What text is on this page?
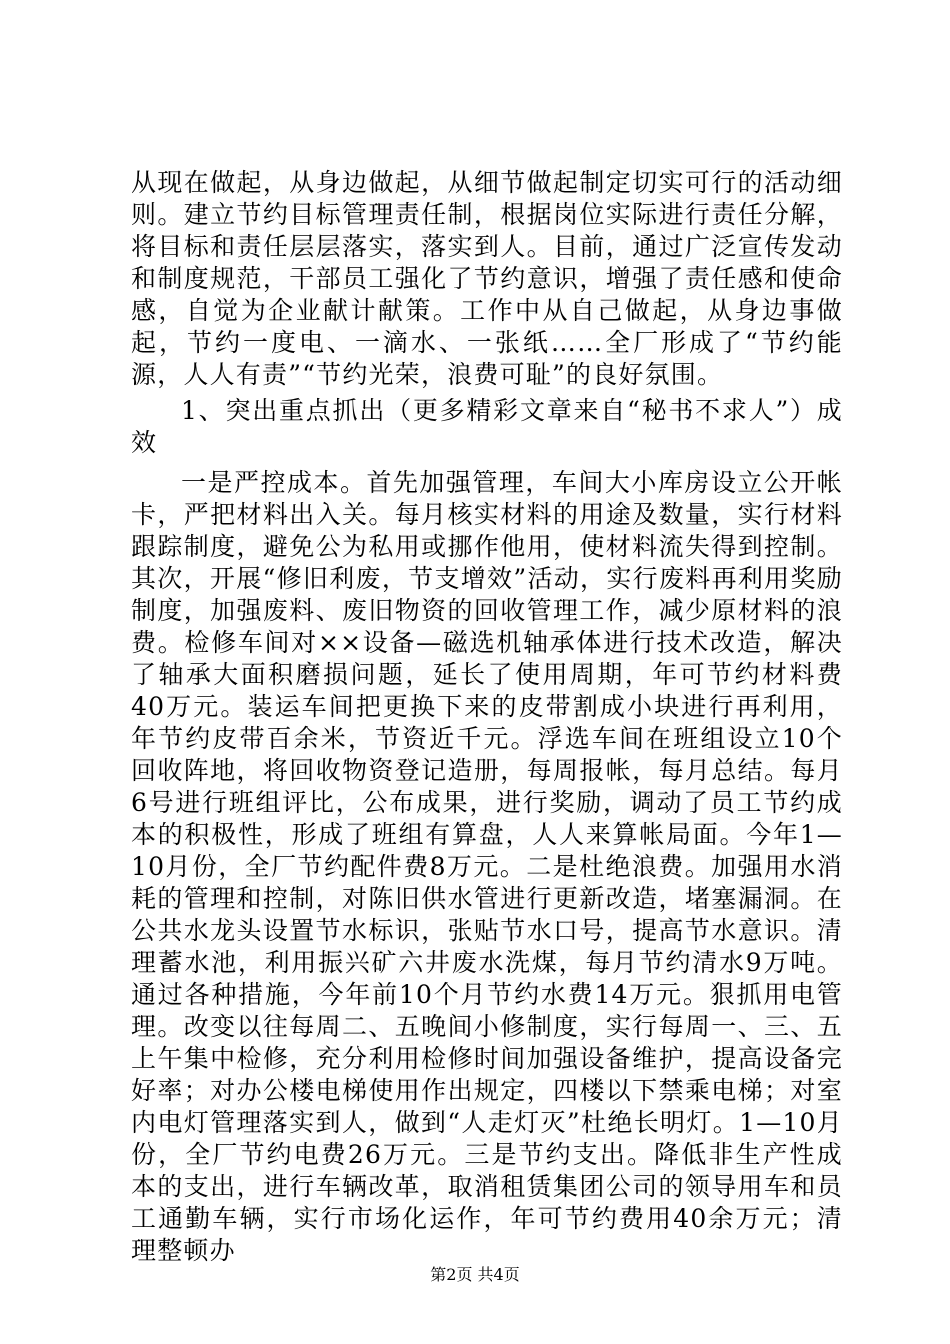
从现在做起，从身边做起，从细节做起制定切实可行的活动细则。建立节约目标管理责任制，根据岗位实际进行责任分解，将目标和责任层层落实，落实到人。目前，通过广泛宣传发动和制度规范，干部员工强化了节约意识，增强了责任感和使命感，自觉为企业献计献策。工作中从自己做起，从身边事做起，节约一度电、一滴水、一张纸……全厂形成了“节约能源，人人有责”“节约光荣，浪费可耻”的良好氛围。

1、突出重点抓出（更多精彩文章来自“秘书不求人”）成效

一是严控成本。首先加强管理，车间大小库房设立公开帐卡，严把材料出入关。每月核实材料的用途及数量，实行材料跟踪制度，避免公为私用或挪作他用，使材料流失得到控制。其次，开展“修旧利废，节支增效”活动，实行废料再利用奖励制度，加强废料、废旧物资的回收管理工作，减少原材料的浪费。检修车间对××设备—磁选机轴承体进行技术改造，解决了轴承大面积磨损问题，延长了使用周期，年可节约材料费40万元。装运车间把更换下来的皮带割成小块进行再利用，年节约皮带百余米，节资近千元。浮选车间在班组设立10个回收阵地，将回收物资登记造册，每周报帐，每月总结。每月6号进行班组评比，公布成果，进行奖励，调动了员工节约成本的积极性，形成了班组有算盘，人人来算帐局面。今年1—10月份，全厂节约配件费8万元。二是杜绝浪费。加强用水消耗的管理和控制，对陈旧供水管进行更新改造，堵塞漏洞。在公共水龙头设置节水标识，张贴节水口号，提高节水意识。清理蓄水池，利用振兴矿六井废水洗煤，每月节约清水9万吨。通过各种措施，今年前10个月节约水费14万元。狠抓用电管理。改变以往每周二、五晚间小修制度，实行每周一、三、五上午集中检修，充分利用检修时间加强设备维护，提高设备完好率；对办公楼电梯使用作出规定，四楼以下禁乘电梯；对室内电灯管理落实到人，做到“人走灯灭”杜绝长明灯。1—10月份，全厂节约电费26万元。三是节约支出。降低非生产性成本的支出，进行车辆改革，取消租赁集团公司的领导用车和员工通勤车辆，实行市场化运作，年可节约费用40余万元；清理整顿办

第2页 共4页
